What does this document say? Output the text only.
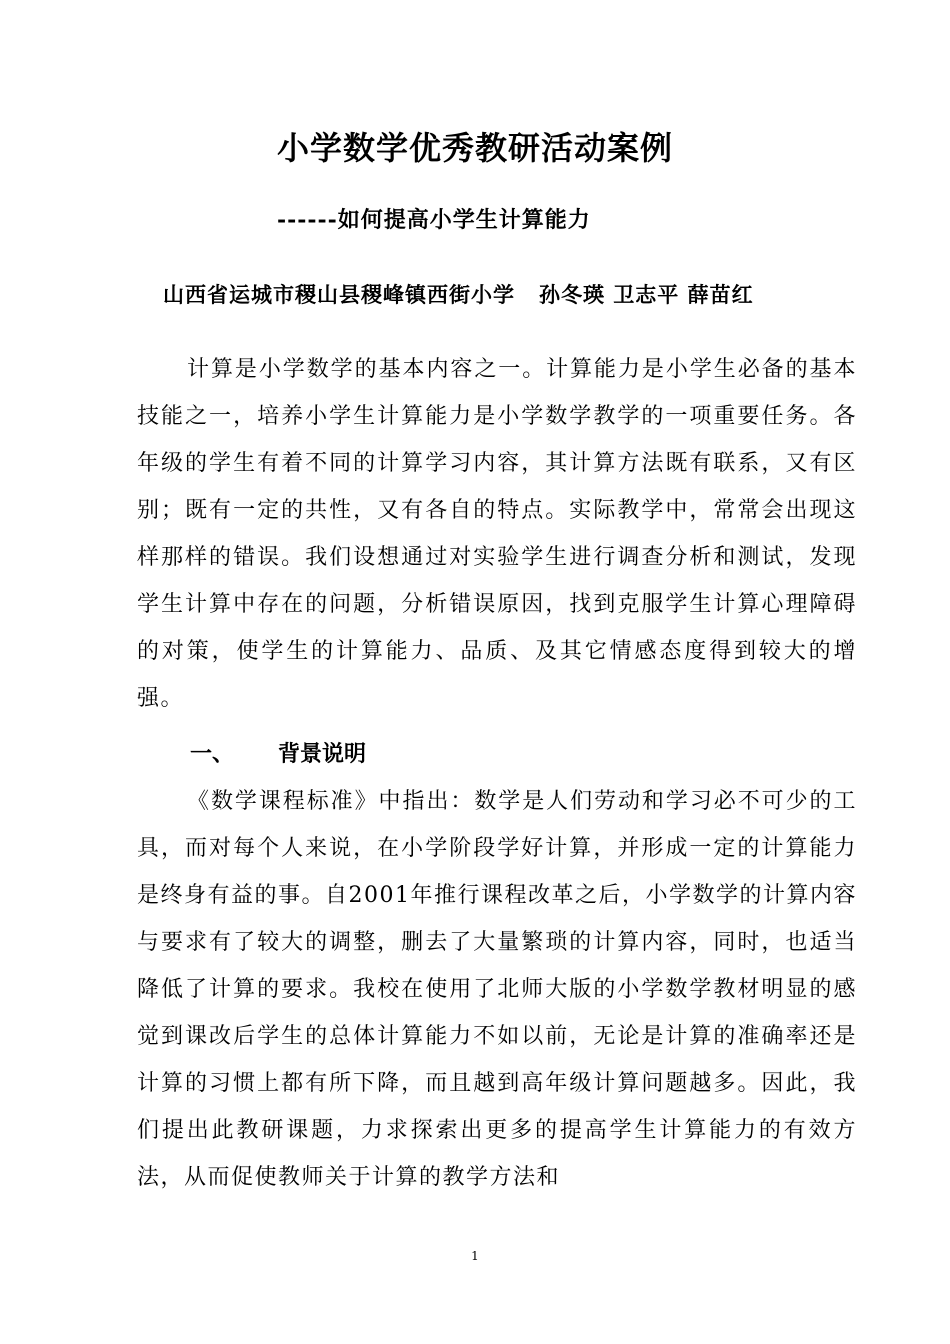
小学数学优秀教研活动案例
------如何提高小学生计算能力
山西省运城市稷山县稷峰镇西街小学 孙冬瑛 卫志平 薛苗红

计算是小学数学的基本内容之一。计算能力是小学生必备的基本技能之一，培养小学生计算能力是小学数学教学的一项重要任务。各年级的学生有着不同的计算学习内容，其计算方法既有联系，又有区别；既有一定的共性，又有各自的特点。实际教学中，常常会出现这样那样的错误。我们设想通过对实验学生进行调查分析和测试，发现学生计算中存在的问题，分析错误原因，找到克服学生计算心理障碍的对策，使学生的计算能力、品质、及其它情感态度得到较大的增强。

一、 背景说明

《数学课程标准》中指出：数学是人们劳动和学习必不可少的工具，而对每个人来说，在小学阶段学好计算，并形成一定的计算能力是终身有益的事。自2001年推行课程改革之后，小学数学的计算内容与要求有了较大的调整，删去了大量繁琐的计算内容，同时，也适当降低了计算的要求。我校在使用了北师大版的小学数学教材明显的感觉到课改后学生的总体计算能力不如以前，无论是计算的准确率还是计算的习惯上都有所下降，而且越到高年级计算问题越多。因此，我们提出此教研课题，力求探索出更多的提高学生计算能力的有效方法，从而促使教师关于计算的教学方法和

1
